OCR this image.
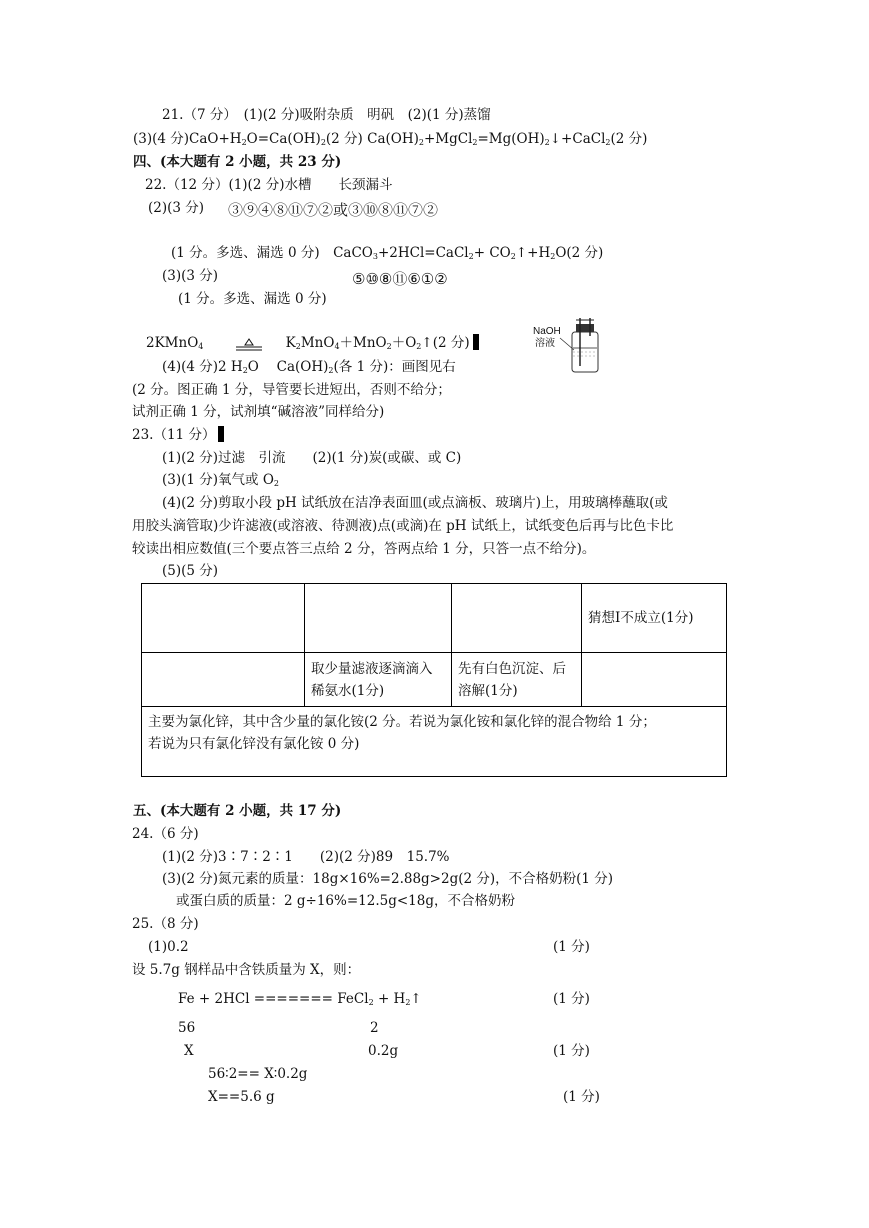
21.（7 分）　(1)(2 分)吸附杂质　明矾　(2)(1 分)蒸馏
(3)(4 分)$CaO+H_2O=Ca(OH)_2(2$ 分) $Ca(OH)_2+MgCl_2=Mg(OH)_2↓+CaCl_2(2$ 分)
四、(本大题有 2 小题，共 23 分)
22.（12 分）(1)(2 分)水槽　　长颈漏斗
(2)(3 分) ③⑨④⑧⑪⑦②或③⑩⑧⑪⑦②
(1 分。多选、漏选 0 分)　CaCO$_3$+2HCl=CaCl$_2$+ $CO_2↑+H_2O(2$ 分)
(3)(3 分)	⑤⑩⑧⑪⑥①②
(1 分。多选、漏选 0 分)
2KMnO$_4$	$K_2MnO_4+MnO_2+O_2↑(2$ 分)
NaOH
溶液
(4)(4 分)2 $H_2O$　 $Ca(OH)_2$(各 1 分)：画图见右
(2 分。图正确 1 分，导管要长进短出，否则不给分；
试剂正确 1 分，试剂填“碱溶液”同样给分)
23.（11 分）
(1)(2 分)过滤　引流　　(2)(1 分)炭(或碳、或 C)
(3)(1 分)氧气或 $O_2$
(4)(2 分)剪取小段 pH 试纸放在洁净表面皿(或点滴板、玻璃片)上，用玻璃棒蘸取(或
用胶头滴管取)少许滤液(或溶液、待测液)点(或滴)在 pH 试纸上，试纸变色后再与比色卡比
较读出相应数值(三个要点答三点给 2 分，答两点给 1 分，只答一点不给分)。
(5)(5 分)
			猜想Ⅰ不成立(1分)
	取少量滤液逐滴滴入稀氨水(1分)	先有白色沉淀、后溶解(1分)	

主要为氯化锌，其中含少量的氯化铵(2 分。若说为氯化铵和氯化锌的混合物给 1 分；
若说为只有氯化锌没有氯化铵 0 分)			
五、(本大题有 2 小题，共 17 分)
24.（6 分)
(1)(2 分)3∶7∶2∶1　　(2)(2 分)89　15.7%
(3)(2 分)氮元素的质量：18g×16%=2.88g>2g(2 分)，不合格奶粉(1 分)
或蛋白质的质量：2 g÷16%=12.5g<18g，不合格奶粉
25.（8 分)
(1)0.2	(1 分)
设 5.7g 钢样品中含铁质量为 X，则：
Fe + 2HCl ======= FeCl$_2$ + $H_2↑$	(1 分)
56	2
X	0.2g	(1 分)
56∶2== X∶0.2g
X==5.6 g	(1 分)
